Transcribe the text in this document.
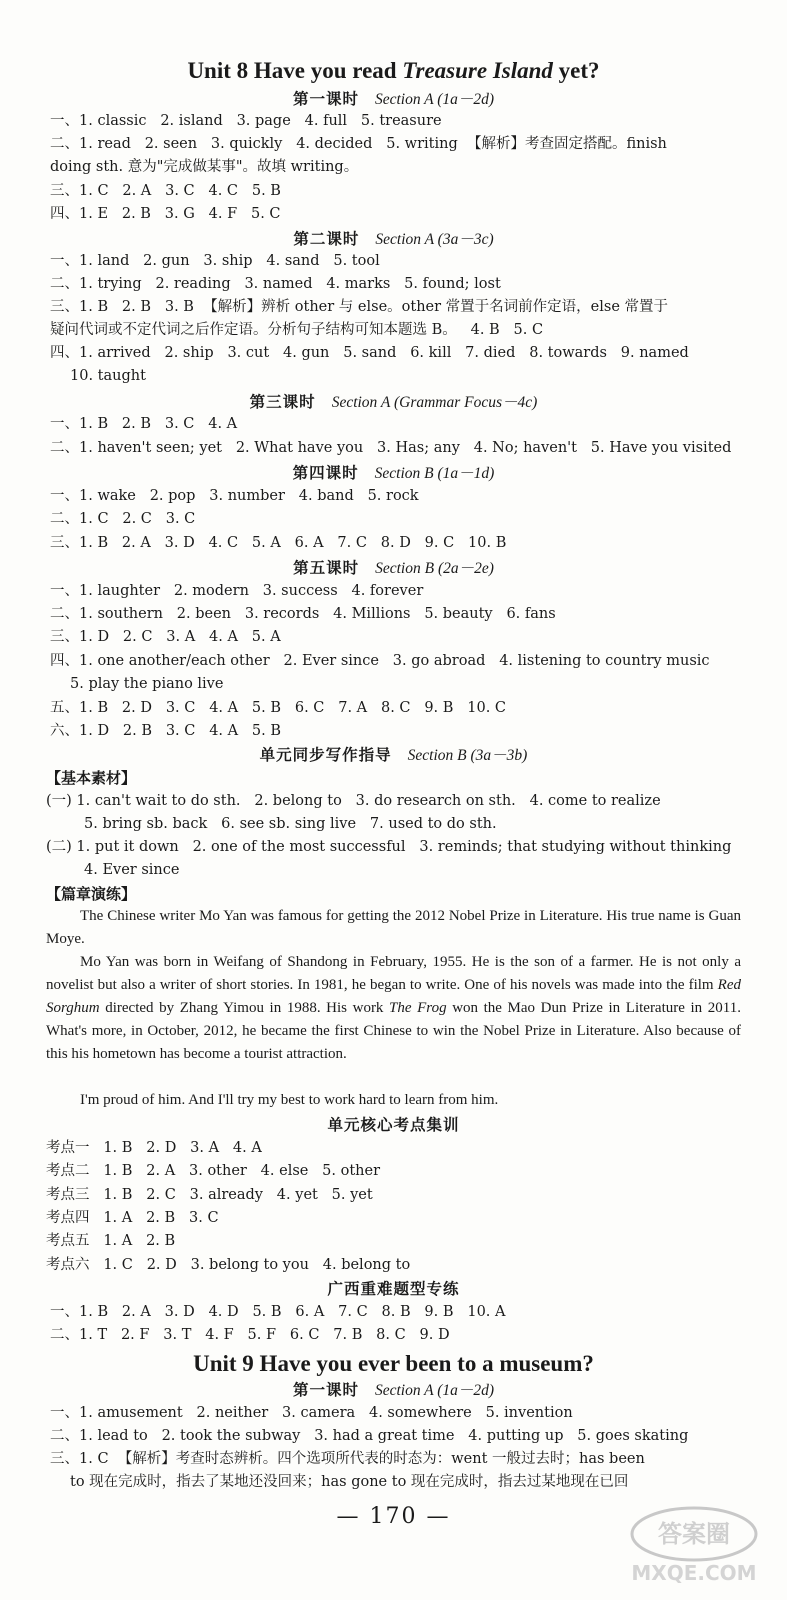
Unit 8 Have you read Treasure Island yet?
第一课时 Section A (1a－2d)
一、1. classic   2. island   3. page   4. full   5. treasure
二、1. read   2. seen   3. quickly   4. decided   5. writing  【解析】考查固定搭配。finish
doing sth. 意为"完成做某事"。故填 writing。
三、1. C   2. A   3. C   4. C   5. B
四、1. E   2. B   3. G   4. F   5. C
第二课时 Section A (3a－3c)
一、1. land   2. gun   3. ship   4. sand   5. tool
二、1. trying   2. reading   3. named   4. marks   5. found; lost
三、1. B   2. B   3. B  【解析】辨析 other 与 else。other 常置于名词前作定语，else 常置于
疑问代词或不定代词之后作定语。分析句子结构可知本题选 B。   4. B   5. C
四、1. arrived   2. ship   3. cut   4. gun   5. sand   6. kill   7. died   8. towards   9. named
10. taught
第三课时 Section A (Grammar Focus－4c)
一、1. B   2. B   3. C   4. A
二、1. haven't seen; yet   2. What have you   3. Has; any   4. No; haven't   5. Have you visited
第四课时 Section B (1a－1d)
一、1. wake   2. pop   3. number   4. band   5. rock
二、1. C   2. C   3. C
三、1. B   2. A   3. D   4. C   5. A   6. A   7. C   8. D   9. C   10. B
第五课时 Section B (2a－2e)
一、1. laughter   2. modern   3. success   4. forever
二、1. southern   2. been   3. records   4. Millions   5. beauty   6. fans
三、1. D   2. C   3. A   4. A   5. A
四、1. one another/each other   2. Ever since   3. go abroad   4. listening to country music
5. play the piano live
五、1. B   2. D   3. C   4. A   5. B   6. C   7. A   8. C   9. B   10. C
六、1. D   2. B   3. C   4. A   5. B
单元同步写作指导 Section B (3a－3b)
【基本素材】
(一) 1. can't wait to do sth.   2. belong to   3. do research on sth.   4. come to realize
5. bring sb. back   6. see sb. sing live   7. used to do sth.
(二) 1. put it down   2. one of the most successful   3. reminds; that studying without thinking
4. Ever since
【篇章演练】
The Chinese writer Mo Yan was famous for getting the 2012 Nobel Prize in Literature. His true name is Guan Moye.
Mo Yan was born in Weifang of Shandong in February, 1955. He is the son of a farmer. He is not only a novelist but also a writer of short stories. In 1981, he began to write. One of his novels was made into the film Red Sorghum directed by Zhang Yimou in 1988. His work The Frog won the Mao Dun Prize in Literature in 2011. What's more, in October, 2012, he became the first Chinese to win the Nobel Prize in Literature. Also because of this his hometown has become a tourist attraction.
I'm proud of him. And I'll try my best to work hard to learn from him.
单元核心考点集训
考点一   1. B   2. D   3. A   4. A
考点二   1. B   2. A   3. other   4. else   5. other
考点三   1. B   2. C   3. already   4. yet   5. yet
考点四   1. A   2. B   3. C
考点五   1. A   2. B
考点六   1. C   2. D   3. belong to you   4. belong to
广西重难题型专练
一、1. B   2. A   3. D   4. D   5. B   6. A   7. C   8. B   9. B   10. A
二、1. T   2. F   3. T   4. F   5. F   6. C   7. B   8. C   9. D
Unit 9 Have you ever been to a museum?
第一课时 Section A (1a－2d)
一、1. amusement   2. neither   3. camera   4. somewhere   5. invention
二、1. lead to   2. took the subway   3. had a great time   4. putting up   5. goes skating
三、1. C  【解析】考查时态辨析。四个选项所代表的时态为：went 一般过去时；has been
to 现在完成时，指去了某地还没回来；has gone to 现在完成时，指去过某地现在已回
— 170 —
答案圈
MXQE.COM
